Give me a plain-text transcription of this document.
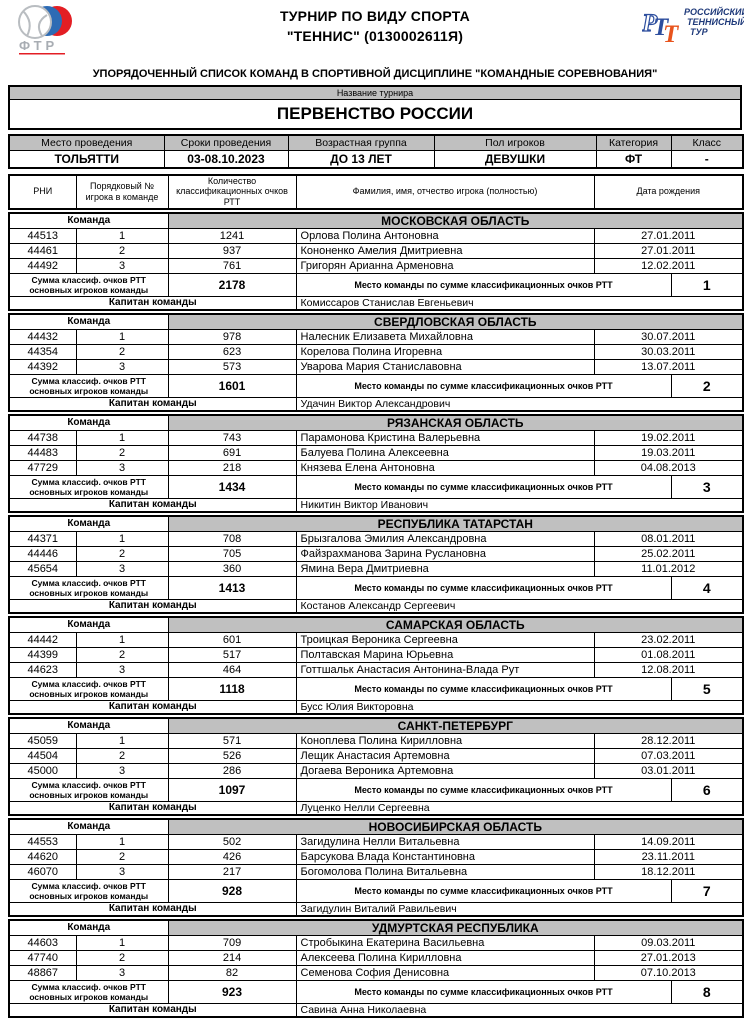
ФТР
ТУРНИР ПО ВИДУ СПОРТА
"ТЕННИС" (0130002611Я)	Р
Т
Т
РОССИЙСКИЙ
ТЕННИСНЫЙ
ТУР
УПОРЯДОЧЕННЫЙ СПИСОК КОМАНД В СПОРТИВНОЙ ДИСЦИПЛИНЕ "КОМАНДНЫЕ СОРЕВНОВАНИЯ"
Название турнира
ПЕРВЕНСТВО РОССИИ
Место проведения	Сроки проведения	Возрастная группа	Пол игроков	Категория	Класс
ТОЛЬЯТТИ	03-08.10.2023	ДО 13 ЛЕТ	ДЕВУШКИ	ФТ	-
РНИ	Порядковый № игрока в команде	Количество классификационных очков РТТ	Фамилия, имя, отчество игрока (полностью)	Дата рождения
Команда		МОСКОВСКАЯ ОБЛАСТЬ			
44513	1	1241	Орлова Полина Антоновна	27.01.2011	
44461	2	937	Кононенко Амелия Дмитриевна	27.01.2011	
44492	3	761	Григорян Арианна Арменовна	12.02.2011	
Сумма классиф. очков РТТ основных игроков команды		2178	Место команды по сумме классификационных очков РТТ		1
Капитан команды			Комиссаров Станислав Евгеньевич		
Команда		СВЕРДЛОВСКАЯ ОБЛАСТЬ			
44432	1	978	Налесник Елизавета Михайловна	30.07.2011	
44354	2	623	Корелова Полина Игоревна	30.03.2011	
44392	3	573	Уварова Мария Станиславовна	13.07.2011	
Сумма классиф. очков РТТ основных игроков команды		1601	Место команды по сумме классификационных очков РТТ		2
Капитан команды			Удачин Виктор Александрович		
Команда		РЯЗАНСКАЯ ОБЛАСТЬ			
44738	1	743	Парамонова Кристина Валерьевна	19.02.2011	
44483	2	691	Балуева Полина Алексеевна	19.03.2011	
47729	3	218	Князева Елена Антоновна	04.08.2013	
Сумма классиф. очков РТТ основных игроков команды		1434	Место команды по сумме классификационных очков РТТ		3
Капитан команды			Никитин Виктор Иванович		
Команда		РЕСПУБЛИКА ТАТАРСТАН			
44371	1	708	Брызгалова Эмилия Александровна	08.01.2011	
44446	2	705	Файзрахманова Зарина Руслановна	25.02.2011	
45654	3	360	Ямина Вера Дмитриевна	11.01.2012	
Сумма классиф. очков РТТ основных игроков команды		1413	Место команды по сумме классификационных очков РТТ		4
Капитан команды			Костанов Александр Сергеевич		
Команда		САМАРСКАЯ ОБЛАСТЬ			
44442	1	601	Троицкая Вероника Сергеевна	23.02.2011	
44399	2	517	Полтавская Марина Юрьевна	01.08.2011	
44623	3	464	Готтшальк Анастасия Антонина-Влада Рут	12.08.2011	
Сумма классиф. очков РТТ основных игроков команды		1118	Место команды по сумме классификационных очков РТТ		5
Капитан команды			Бусс Юлия Викторовна		
Команда		САНКТ-ПЕТЕРБУРГ			
45059	1	571	Коноплева Полина Кирилловна	28.12.2011	
44504	2	526	Лещик Анастасия Артемовна	07.03.2011	
45000	3	286	Догаева Вероника Артемовна	03.01.2011	
Сумма классиф. очков РТТ основных игроков команды		1097	Место команды по сумме классификационных очков РТТ		6
Капитан команды			Луценко Нелли Сергеевна		
Команда		НОВОСИБИРСКАЯ ОБЛАСТЬ			
44553	1	502	Загидулина Нелли Витальевна	14.09.2011	
44620	2	426	Барсукова Влада Константиновна	23.11.2011	
46070	3	217	Богомолова Полина Витальевна	18.12.2011	
Сумма классиф. очков РТТ основных игроков команды		928	Место команды по сумме классификационных очков РТТ		7
Капитан команды			Загидулин Виталий Равильевич		
Команда		УДМУРТСКАЯ РЕСПУБЛИКА			
44603	1	709	Стробыкина Екатерина Васильевна	09.03.2011	
47740	2	214	Алексеева Полина Кирилловна	27.01.2013	
48867	3	82	Семенова София Денисовна	07.10.2013	
Сумма классиф. очков РТТ основных игроков команды		923	Место команды по сумме классификационных очков РТТ		8
Капитан команды			Савина Анна Николаевна		
